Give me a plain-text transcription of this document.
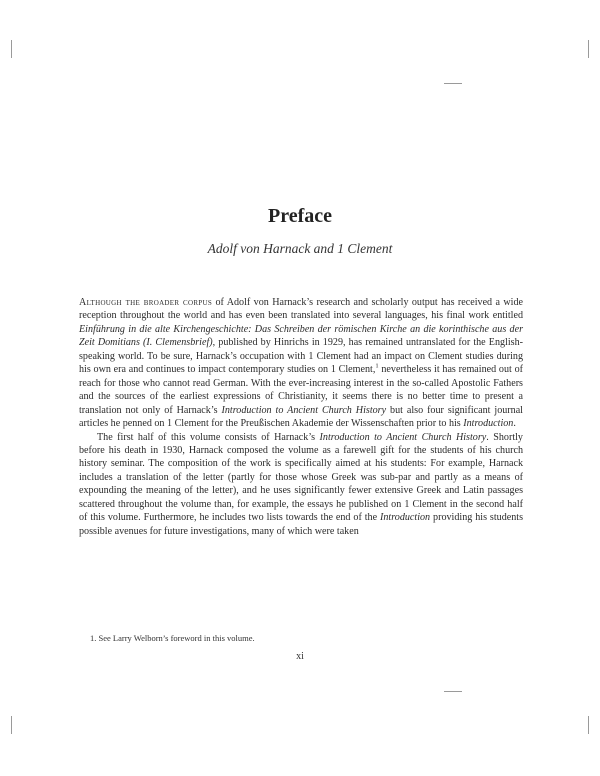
Preface
Adolf von Harnack and 1 Clement

Although the broader corpus of Adolf von Harnack’s research and scholarly output has received a wide reception throughout the world and has even been translated into several languages, his final work entitled Einführung in die alte Kirchengeschichte: Das Schreiben der römischen Kirche an die korinthische aus der Zeit Domitians (I. Clemensbrief), published by Hinrichs in 1929, has remained untranslated for the English-speaking world. To be sure, Harnack’s occupation with 1 Clement had an impact on Clement studies during his own era and continues to impact contemporary studies on 1 Clement,$^1$ nevertheless it has remained out of reach for those who cannot read German. With the ever-increasing interest in the so-called Apostolic Fathers and the sources of the earliest expressions of Christianity, it seems there is no better time to present a translation not only of Harnack’s Introduction to Ancient Church History but also four significant journal articles he penned on 1 Clement for the Preußischen Akademie der Wissenschaften prior to his Introduction.

The first half of this volume consists of Harnack’s Introduction to Ancient Church History. Shortly before his death in 1930, Harnack composed the volume as a farewell gift for the students of his church history seminar. The composition of the work is specifically aimed at his students: For example, Harnack includes a translation of the letter (partly for those whose Greek was sub-par and partly as a means of expounding the meaning of the letter), and he uses significantly fewer extensive Greek and Latin passages scattered throughout the volume than, for example, the essays he published on 1 Clement in the second half of this volume. Furthermore, he includes two lists towards the end of the Introduction providing his students possible avenues for future investigations, many of which were taken

1. See Larry Welborn’s foreword in this volume.
xi
